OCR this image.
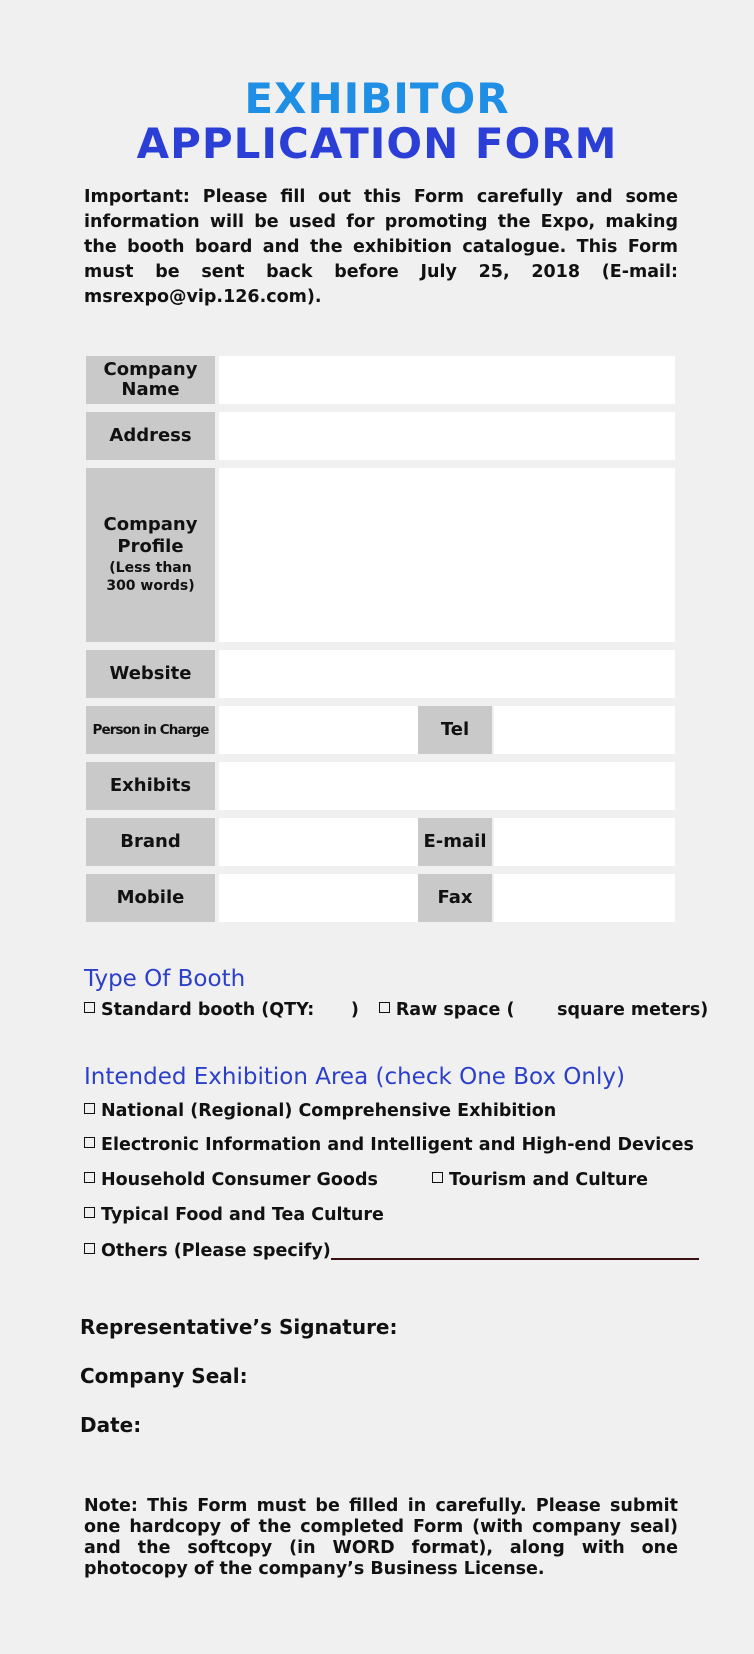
EXHIBITOR
APPLICATION FORM

Important: Please fill out this Form carefully and some information will be used for promoting the Expo, making the booth board and the exhibition catalogue. This Form must be sent back before July 25, 2018 (E-mail: msrexpo@vip.126.com).

Company
Name
Address
Company
Profile
(Less than
300 words)
Website
Person in Charge	Tel
Exhibits
Brand	E-mail
Mobile	Fax
Type Of Booth
Standard booth (QTY:      ) Raw space (       square meters)
Intended Exhibition Area (check One Box Only)
National (Regional) Comprehensive Exhibition
Electronic Information and Intelligent and High-end Devices
Household Consumer Goods	Tourism and Culture
Typical Food and Tea Culture
Others (Please specify)
Representative’s Signature:
Company Seal:
Date:

Note: This Form must be filled in carefully. Please submit one hardcopy of the completed Form (with company seal) and the softcopy (in WORD format), along with one photocopy of the company’s Business License.
